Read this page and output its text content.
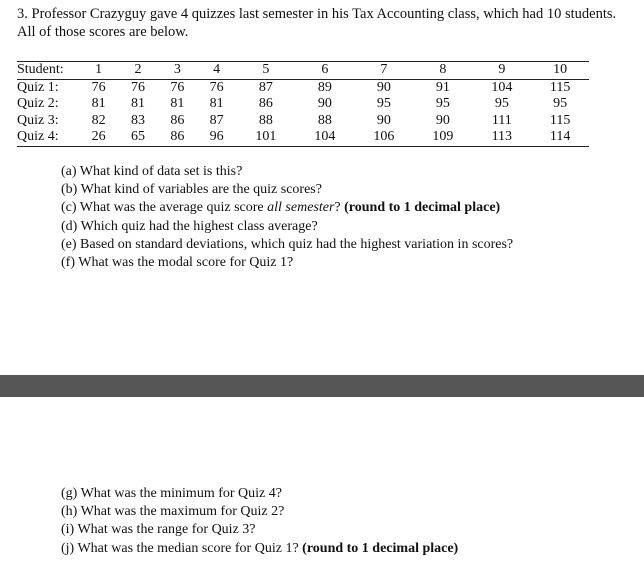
3. Professor Crazyguy gave 4 quizzes last semester in his Tax Accounting class, which had 10 students. All of those scores are below.
Student:	1	2	3	4	5	6	7	8	9	10
Quiz 1:	76	76	76	76	87	89	90	91	104	115
Quiz 2:	81	81	81	81	86	90	95	95	95	95
Quiz 3:	82	83	86	87	88	88	90	90	111	115
Quiz 4:	26	65	86	96	101	104	106	109	113	114
(a) What kind of data set is this?
(b) What kind of variables are the quiz scores?
(c) What was the average quiz score all semester? (round to 1 decimal place)
(d) Which quiz had the highest class average?
(e) Based on standard deviations, which quiz had the highest variation in scores?
(f) What was the modal score for Quiz 1?
(g) What was the minimum for Quiz 4?
(h) What was the maximum for Quiz 2?
(i) What was the range for Quiz 3?
(j) What was the median score for Quiz 1? (round to 1 decimal place)
